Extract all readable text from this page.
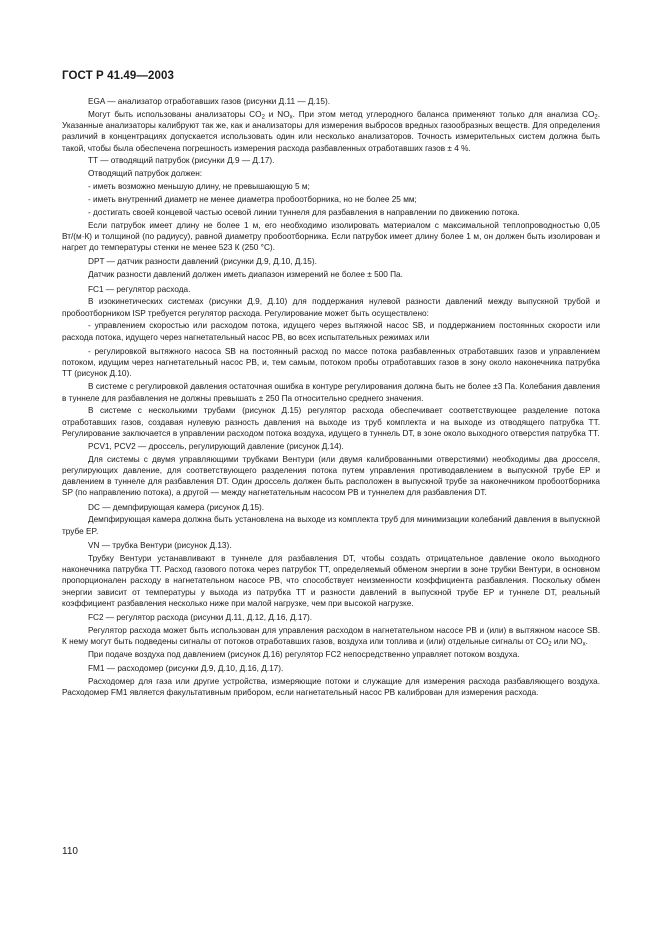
ГОСТ Р 41.49—2003

EGA — анализатор отработавших газов (рисунки Д.11 — Д.15).

Могут быть использованы анализаторы $CO_2$ и $NO_x$. При этом метод углеродного баланса применяют только для анализа $CO_2$. Указанные анализаторы калибруют так же, как и анализаторы для измерения выбросов вредных газообразных веществ. Для определения различий в концентрациях допускается использовать один или несколько анализаторов. Точность измерительных систем должна быть такой, чтобы была обеспечена погрешность измерения расхода разбавленных отработавших газов ± 4 %.

TT — отводящий патрубок (рисунки Д.9 — Д.17).

Отводящий патрубок должен:

- иметь возможно меньшую длину, не превышающую 5 м;

- иметь внутренний диаметр не менее диаметра пробоотборника, но не более 25 мм;

- достигать своей концевой частью осевой линии туннеля для разбавления в направлении по движению потока.

Если патрубок имеет длину не более 1 м, его необходимо изолировать материалом с максимальной теплопроводностью 0,05 Вт/(м·К) и толщиной (по радиусу), равной диаметру пробоотборника. Если патрубок имеет длину более 1 м, он должен быть изолирован и нагрет до температуры стенки не менее 523 К (250 °С).

DPT — датчик разности давлений (рисунки Д.9, Д.10, Д.15).

Датчик разности давлений должен иметь диапазон измерений не более ± 500 Па.

FC1 — регулятор расхода.

В изокинетических системах (рисунки Д.9, Д.10) для поддержания нулевой разности давлений между выпускной трубой и пробоотборником ISP требуется регулятор расхода. Регулирование может быть осуществлено:

- управлением скоростью или расходом потока, идущего через вытяжной насос SB, и поддержанием постоянных скорости или расхода потока, идущего через нагнетательный насос PB, во всех испытательных режимах или

- регулировкой вытяжного насоса SB на постоянный расход по массе потока разбавленных отработавших газов и управлением потоком, идущим через нагнетательный насос PB, и, тем самым, потоком пробы отработавших газов в зону около наконечника патрубка TT (рисунок Д.10).

В системе с регулировкой давления остаточная ошибка в контуре регулирования должна быть не более ±3 Па. Колебания давления в туннеле для разбавления не должны превышать ± 250 Па относительно среднего значения.

В системе с несколькими трубами (рисунок Д.15) регулятор расхода обеспечивает соответствующее разделение потока отработавших газов, создавая нулевую разность давления на выходе из труб комплекта и на выходе из отводящего патрубка TT. Регулирование заключается в управлении расходом потока воздуха, идущего в туннель DT, в зоне около выходного отверстия патрубка TT.

PCV1, PCV2 — дроссель, регулирующий давление (рисунок Д.14).

Для системы с двумя управляющими трубками Вентури (или двумя калиброванными отверстиями) необходимы два дросселя, регулирующих давление, для соответствующего разделения потока путем управления противодавлением в выпускной трубе EP и давлением в туннеле для разбавления DT. Один дроссель должен быть расположен в выпускной трубе за наконечником пробоотборника SP (по направлению потока), а другой — между нагнетательным насосом PB и туннелем для разбавления DT.

DC — демпфирующая камера (рисунок Д.15).

Демпфирующая камера должна быть установлена на выходе из комплекта труб для минимизации колебаний давления в выпускной трубе EP.

VN — трубка Вентури (рисунок Д.13).

Трубку Вентури устанавливают в туннеле для разбавления DT, чтобы создать отрицательное давление около выходного наконечника патрубка TT. Расход газового потока через патрубок TT, определяемый обменом энергии в зоне трубки Вентури, в основном пропорционален расходу в нагнетательном насосе PB, что способствует неизменности коэффициента разбавления. Поскольку обмен энергии зависит от температуры у выхода из патрубка TT и разности давлений в выпускной трубе EP и туннеле DT, реальный коэффициент разбавления несколько ниже при малой нагрузке, чем при высокой нагрузке.

FC2 — регулятор расхода (рисунки Д.11, Д.12, Д.16, Д.17).

Регулятор расхода может быть использован для управления расходом в нагнетательном насосе PB и (или) в вытяжном насосе SB. К нему могут быть подведены сигналы от потоков отработавших газов, воздуха или топлива и (или) отдельные сигналы от $CO_2$ или $NO_x$.

При подаче воздуха под давлением (рисунок Д.16) регулятор FC2 непосредственно управляет потоком воздуха.

FM1 — расходомер (рисунки Д.9, Д.10, Д.16, Д.17).

Расходомер для газа или другие устройства, измеряющие потоки и служащие для измерения расхода разбавляющего воздуха. Расходомер FM1 является факультативным прибором, если нагнетательный насос PB калиброван для измерения расхода.

110
